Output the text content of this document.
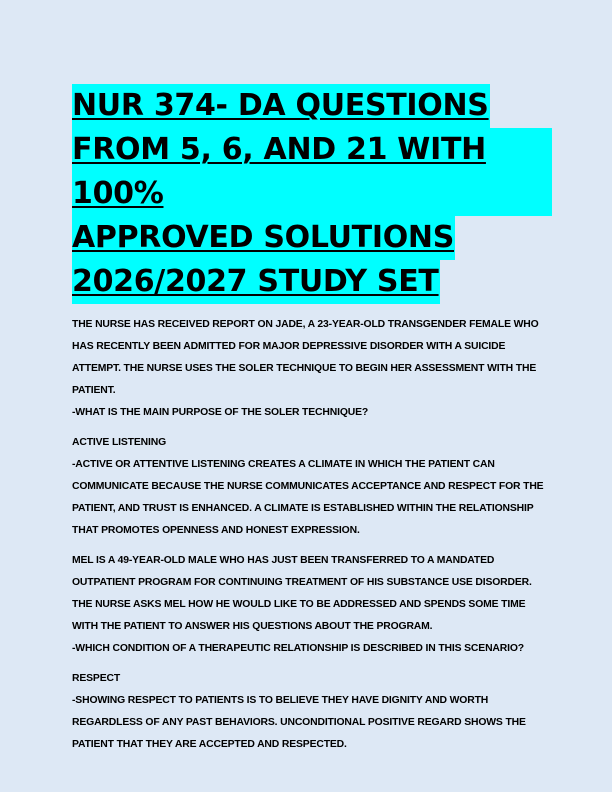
NUR 374- DA QUESTIONS
FROM 5, 6, AND 21 WITH 100%
APPROVED SOLUTIONS
2026/2027 STUDY SET
THE NURSE HAS RECEIVED REPORT ON JADE, A 23-YEAR-OLD TRANSGENDER FEMALE WHO
HAS RECENTLY BEEN ADMITTED FOR MAJOR DEPRESSIVE DISORDER WITH A SUICIDE
ATTEMPT. THE NURSE USES THE SOLER TECHNIQUE TO BEGIN HER ASSESSMENT WITH THE
PATIENT.
-WHAT IS THE MAIN PURPOSE OF THE SOLER TECHNIQUE?
ACTIVE LISTENING
-ACTIVE OR ATTENTIVE LISTENING CREATES A CLIMATE IN WHICH THE PATIENT CAN
COMMUNICATE BECAUSE THE NURSE COMMUNICATES ACCEPTANCE AND RESPECT FOR THE
PATIENT, AND TRUST IS ENHANCED. A CLIMATE IS ESTABLISHED WITHIN THE RELATIONSHIP
THAT PROMOTES OPENNESS AND HONEST EXPRESSION.
MEL IS A 49-YEAR-OLD MALE WHO HAS JUST BEEN TRANSFERRED TO A MANDATED
OUTPATIENT PROGRAM FOR CONTINUING TREATMENT OF HIS SUBSTANCE USE DISORDER.
THE NURSE ASKS MEL HOW HE WOULD LIKE TO BE ADDRESSED AND SPENDS SOME TIME
WITH THE PATIENT TO ANSWER HIS QUESTIONS ABOUT THE PROGRAM.
-WHICH CONDITION OF A THERAPEUTIC RELATIONSHIP IS DESCRIBED IN THIS SCENARIO?
RESPECT
-SHOWING RESPECT TO PATIENTS IS TO BELIEVE THEY HAVE DIGNITY AND WORTH
REGARDLESS OF ANY PAST BEHAVIORS. UNCONDITIONAL POSITIVE REGARD SHOWS THE
PATIENT THAT THEY ARE ACCEPTED AND RESPECTED.
